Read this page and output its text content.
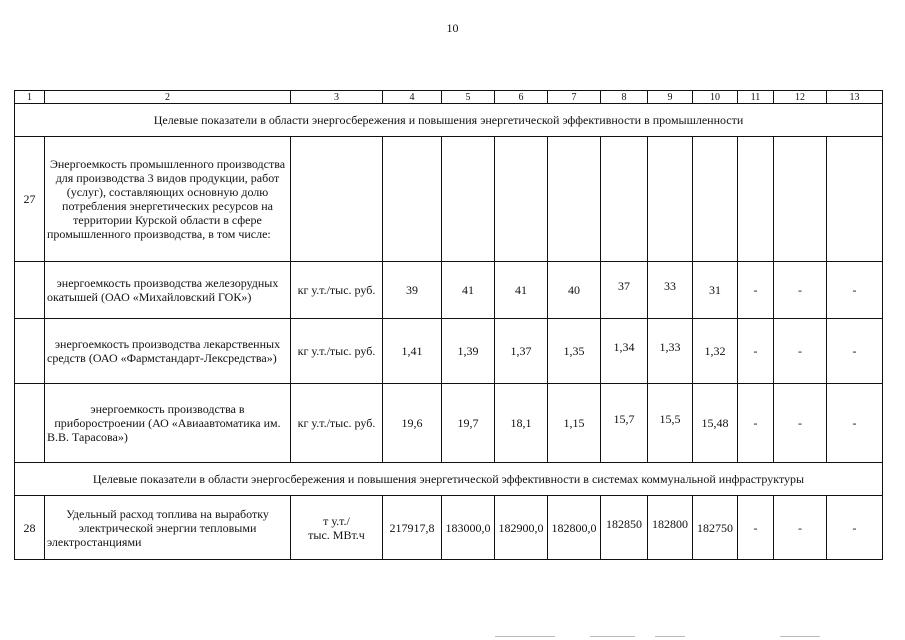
10
1	2	3	4	5	6	7	8	9	10	11	12	13
Целевые показатели в области энергосбережения и повышения энергетической эффективности в промышленности												
27	Энергоемкость промышленного производства для производства 3 видов продукции, работ (услуг), составляющих основную долю потребления энергетических ресурсов на территории Курской области в сфере промышленного производства, в том числе:											
	энергоемкость производства железорудных окатышей (ОАО «Михайловский ГОК»)	кг у.т./тыс. руб.	39	41	41	40	37	33	31	-	-	-
	энергоемкость производства лекарственных средств (ОАО «Фармстандарт-Лексредства»)	кг у.т./тыс. руб.	1,41	1,39	1,37	1,35	1,34	1,33	1,32	-	-	-
	энергоемкость производства в приборостроении (АО «Авиаавтоматика им. В.В. Тарасова»)	кг у.т./тыс. руб.	19,6	19,7	18,1	1,15	15,7	15,5	15,48	-	-	-
Целевые показатели в области энергосбережения и повышения энергетической эффективности в системах коммунальной инфраструктуры												
28	Удельный расход топлива на выработку электрической энергии тепловыми электростанциями	т у.т./
тыс. МВт.ч	217917,8	183000,0	182900,0	182800,0	182850	182800	182750	-	-	-
